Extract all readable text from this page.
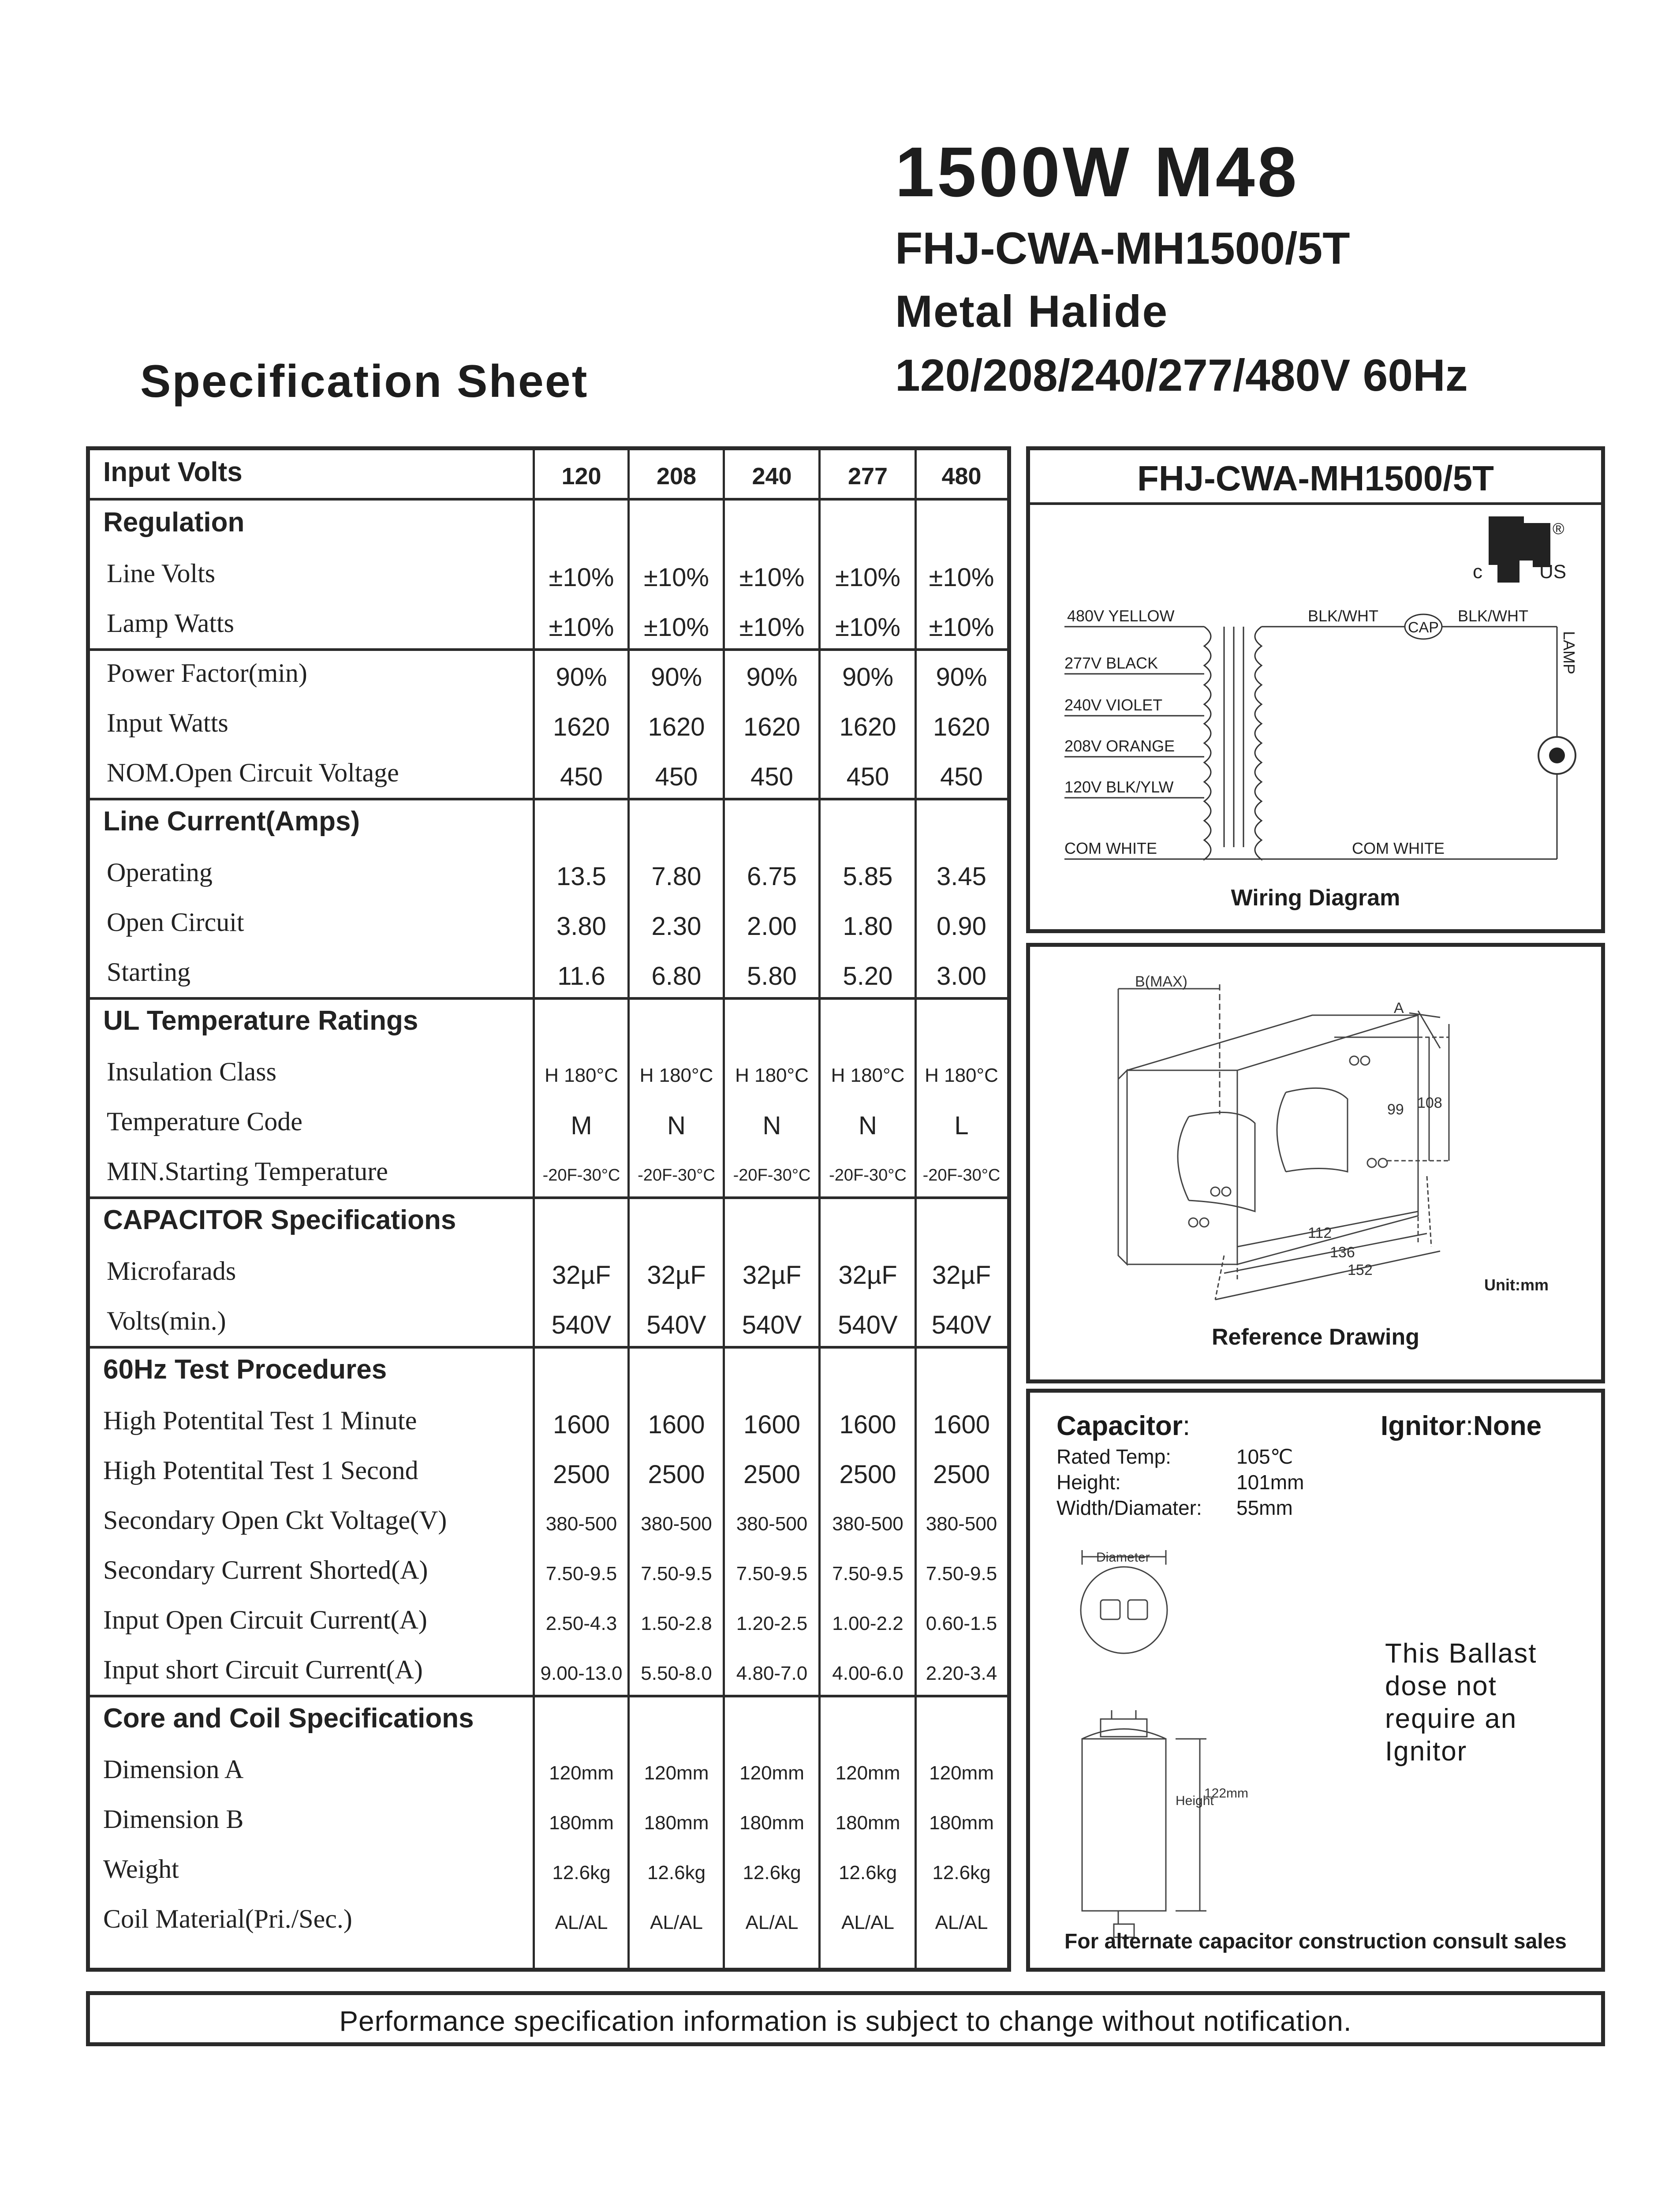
1500W M48
FHJ-CWA-MH1500/5T
Metal Halide
120/208/240/277/480V 60Hz
Specification Sheet
Input Volts	120	208	240	277	480
Regulation
Line Volts	±10%	±10%	±10%	±10%	±10%
Lamp Watts	±10%	±10%	±10%	±10%	±10%
Power Factor(min)	90%	90%	90%	90%	90%
Input Watts	1620	1620	1620	1620	1620
NOM.Open Circuit Voltage	450	450	450	450	450
Line Current(Amps)
Operating	13.5	7.80	6.75	5.85	3.45
Open Circuit	3.80	2.30	2.00	1.80	0.90
Starting	11.6	6.80	5.80	5.20	3.00
UL Temperature Ratings
Insulation Class	H 180°C	H 180°C	H 180°C	H 180°C	H 180°C
Temperature Code	M	N	N	N	L
MIN.Starting Temperature	-20F-30°C	-20F-30°C	-20F-30°C	-20F-30°C -20F-30°C
CAPACITOR Specifications
Microfarads	32µF	32µF	32µF	32µF	32µF
Volts(min.)	540V	540V	540V	540V	540V
60Hz Test Procedures
High Potentital Test 1 Minute	1600	1600	1600	1600	1600
High Potentital Test 1 Second	2500	2500	2500	2500	2500
Secondary Open Ckt Voltage(V)	380-500	380-500	380-500	380-500	380-500
Secondary Current Shorted(A)	7.50-9.5	7.50-9.5	7.50-9.5	7.50-9.5	7.50-9.5
Input Open Circuit Current(A)	2.50-4.3	1.50-2.8	1.20-2.5	1.00-2.2	0.60-1.5
Input short Circuit Current(A)	9.00-13.0 5.50-8.0	4.80-7.0	4.00-6.0	2.20-3.4
Core and Coil Specifications
Dimension A	120mm	120mm	120mm	120mm	120mm
Dimension B	180mm	180mm	180mm	180mm	180mm
Weight	12.6kg	12.6kg	12.6kg	12.6kg	12.6kg
Coil Material(Pri./Sec.)	AL/AL	AL/AL	AL/AL	AL/AL	AL/AL
FHJ-CWA-MH1500/5T
c	US
®
480V YELLOW
277V BLACK
240V VIOLET
208V ORANGE
120V BLK/YLW
COM WHITE
CAP
BLK/WHT	BLK/WHT
LAMP
COM WHITE
Wiring Diagram
B(MAX)
A
99 108
112
136
152
Unit:mm
Reference Drawing
Capacitor:	Ignitor:None
Rated Temp:	105℃
Height:	101mm
Width/Diamater: 55mm
Diameter
Height
122mm
This Ballast
dose not
require an
Ignitor
For alternate capacitor construction consult sales
Performance specification information is subject to change without notification.
